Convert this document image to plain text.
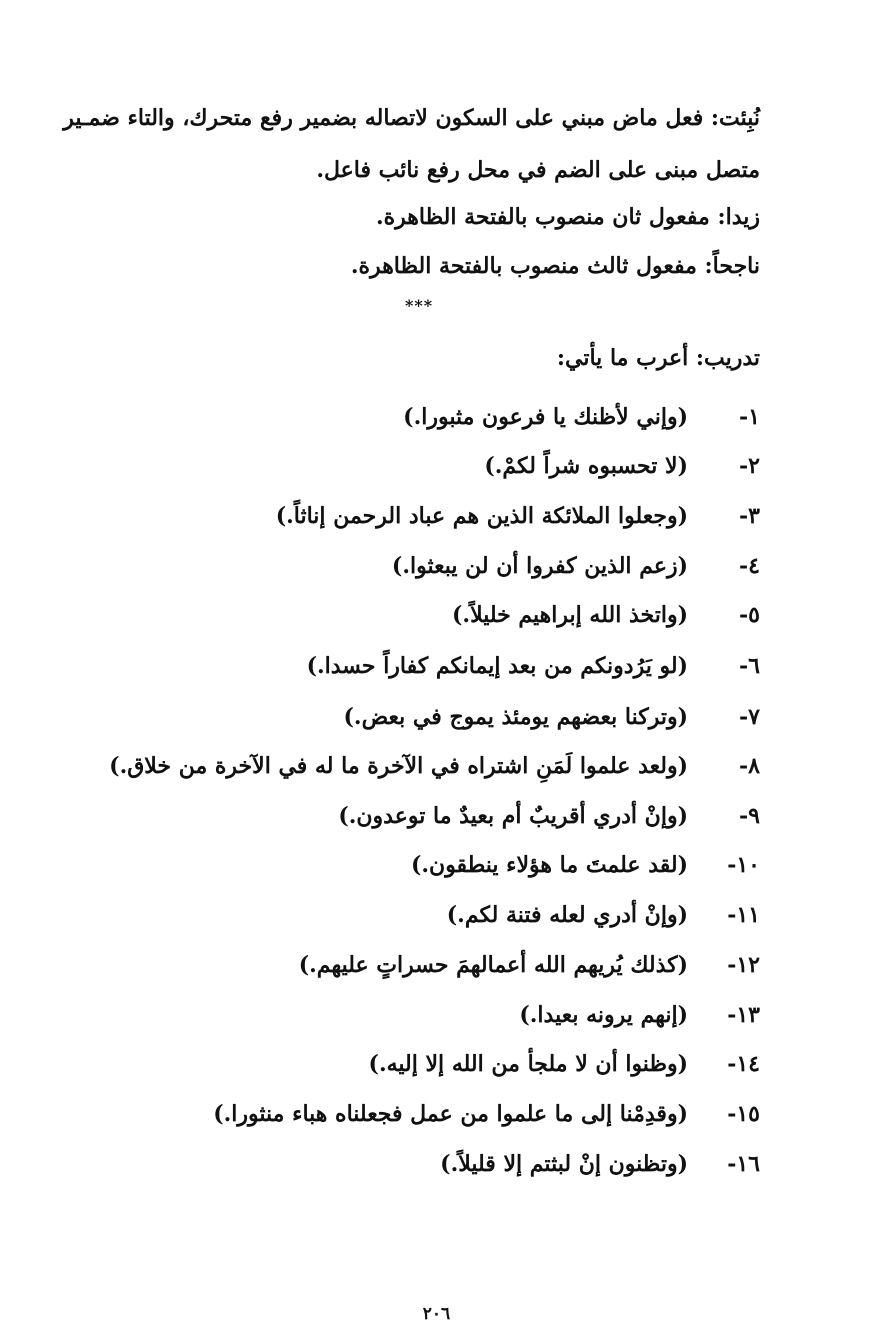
نُبِئت: فعل ماض مبني على السكون لاتصاله بضمير رفع متحرك، والتاء ضمـير
متصل مبنى على الضم في محل رفع نائب فاعل.
زيدا: مفعول ثان منصوب بالفتحة الظاهرة.
ناجحاً: مفعول ثالث منصوب بالفتحة الظاهرة.
***
تدريب: أعرب ما يأتي:
١-
(وإني لأظنك يا فرعون مثبورا.)
٢-
(لا تحسبوه شراً لكمْ.)
٣-
(وجعلوا الملائكة الذين هم عباد الرحمن إناثاً.)
٤-
(زعم الذين كفروا أن لن يبعثوا.)
٥-
(واتخذ الله إبراهيم خليلاً.)
٦-
(لو يَرُدونكم من بعد إيمانكم كفاراً حسدا.)
٧-
(وتركنا بعضهم يومئذ يموج في بعض.)
٨-
(ولعد علموا لَمَنِ اشتراه في الآخرة ما له في الآخرة من خلاق.)
٩-
(وإنْ أدري أقريبٌ أم بعيدٌ ما توعدون.)
١٠-
(لقد علمتَ ما هؤلاء ينطقون.)
١١-
(وإنْ أدري لعله فتنة لكم.)
١٢-
(كذلك يُريهم الله أعمالهمَ حسراتٍ عليهم.)
١٣-
(إنهم يرونه بعيدا.)
١٤-
(وظنوا أن لا ملجأ من الله إلا إليه.)
١٥-
(وقدِمْنا إلى ما علموا من عمل فجعلناه هباء منثورا.)
١٦-
(وتظنون إنْ لبثتم إلا قليلاً.)
٢٠٦
